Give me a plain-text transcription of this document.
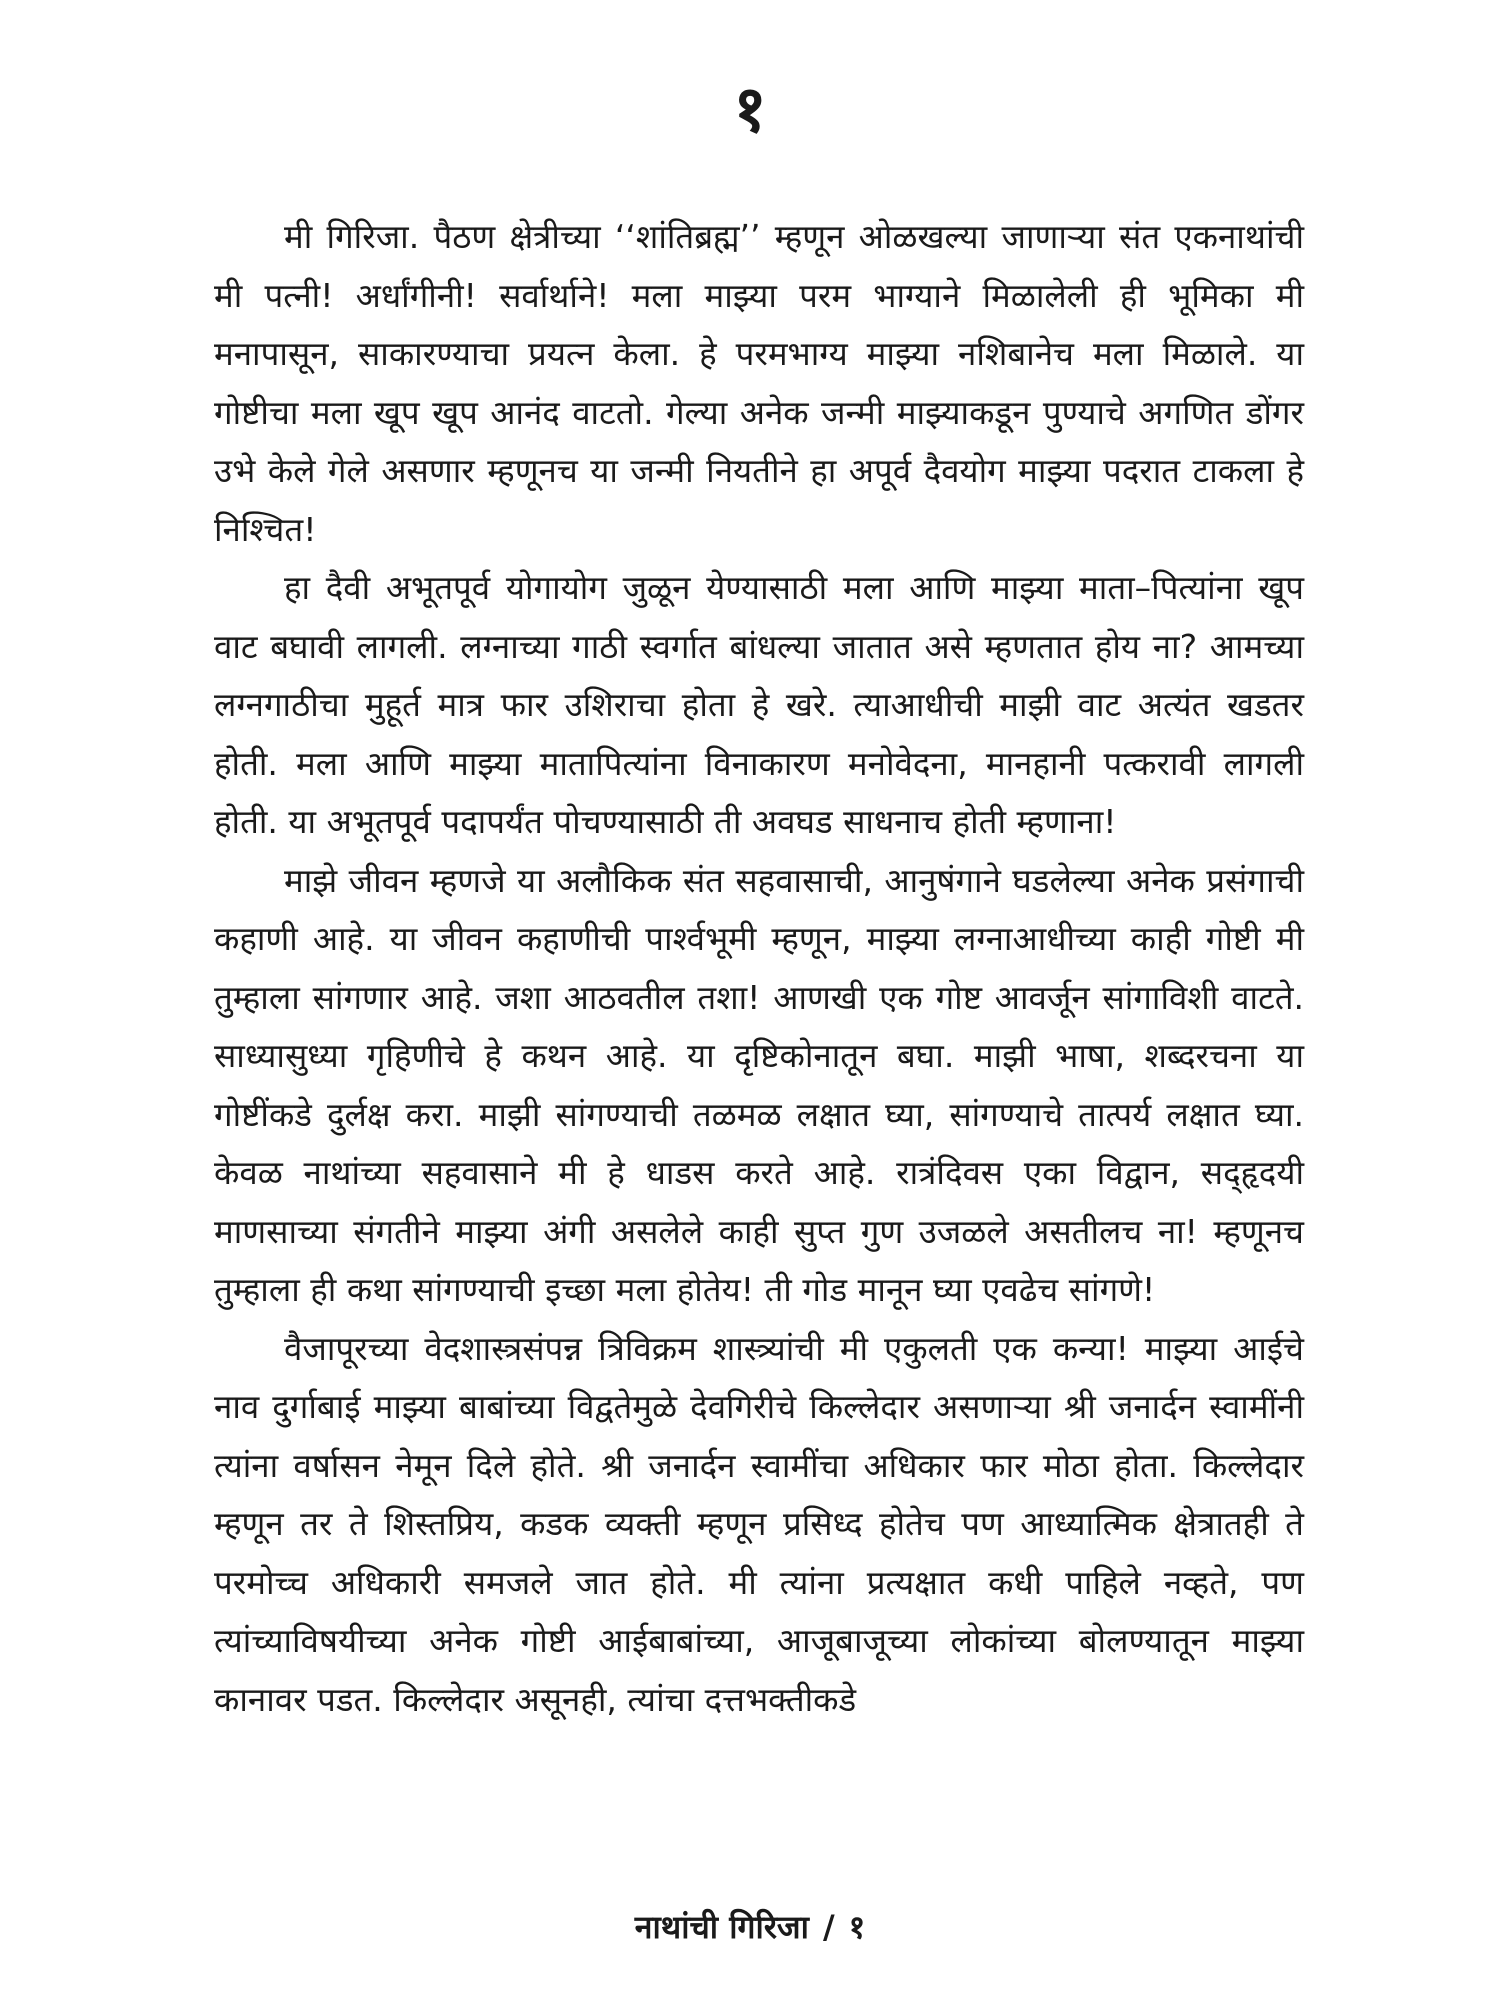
१

मी गिरिजा. पैठण क्षेत्रीच्या ‘‘शांतिब्रह्म’’ म्हणून ओळखल्या जाणाऱ्या संत एकनाथांची मी पत्नी! अर्धांगीनी! सर्वार्थाने! मला माझ्या परम भाग्याने मिळालेली ही भूमिका मी मनापासून, साकारण्याचा प्रयत्न केला. हे परमभाग्य माझ्या नशिबानेच मला मिळाले. या गोष्टीचा मला खूप खूप आनंद वाटतो. गेल्या अनेक जन्मी माझ्याकडून पुण्याचे अगणित डोंगर उभे केले गेले असणार म्हणूनच या जन्मी नियतीने हा अपूर्व दैवयोग माझ्या पदरात टाकला हे निश्चित!

हा दैवी अभूतपूर्व योगायोग जुळून येण्यासाठी मला आणि माझ्या माता–पित्यांना खूप वाट बघावी लागली. लग्नाच्या गाठी स्वर्गात बांधल्या जातात असे म्हणतात होय ना? आमच्या लग्नगाठीचा मुहूर्त मात्र फार उशिराचा होता हे खरे. त्याआधीची माझी वाट अत्यंत खडतर होती. मला आणि माझ्या मातापित्यांना विनाकारण मनोवेदना, मानहानी पत्करावी लागली होती. या अभूतपूर्व पदापर्यंत पोचण्यासाठी ती अवघड साधनाच होती म्हणाना!

माझे जीवन म्हणजे या अलौकिक संत सहवासाची, आनुषंगाने घडलेल्या अनेक प्रसंगाची कहाणी आहे. या जीवन कहाणीची पार्श्वभूमी म्हणून, माझ्या लग्नाआधीच्या काही गोष्टी मी तुम्हाला सांगणार आहे. जशा आठवतील तशा! आणखी एक गोष्ट आवर्जून सांगाविशी वाटते. साध्यासुध्या गृहिणीचे हे कथन आहे. या दृष्टिकोनातून बघा. माझी भाषा, शब्दरचना या गोष्टींकडे दुर्लक्ष करा. माझी सांगण्याची तळमळ लक्षात घ्या, सांगण्याचे तात्पर्य लक्षात घ्या. केवळ नाथांच्या सहवासाने मी हे धाडस करते आहे. रात्रंदिवस एका विद्वान, सद्हृदयी माणसाच्या संगतीने माझ्या अंगी असलेले काही सुप्त गुण उजळले असतीलच ना! म्हणूनच तुम्हाला ही कथा सांगण्याची इच्छा मला होतेय! ती गोड मानून घ्या एवढेच सांगणे!

वैजापूरच्या वेदशास्त्रसंपन्न त्रिविक्रम शास्त्र्यांची मी एकुलती एक कन्या! माझ्या आईचे नाव दुर्गाबाई माझ्या बाबांच्या विद्वतेमुळे देवगिरीचे किल्लेदार असणाऱ्या श्री जनार्दन स्वामींनी त्यांना वर्षासन नेमून दिले होते. श्री जनार्दन स्वामींचा अधिकार फार मोठा होता. किल्लेदार म्हणून तर ते शिस्तप्रिय, कडक व्यक्ती म्हणून प्रसिध्द होतेच पण आध्यात्मिक क्षेत्रातही ते परमोच्च अधिकारी समजले जात होते. मी त्यांना प्रत्यक्षात कधी पाहिले नव्हते, पण त्यांच्याविषयीच्या अनेक गोष्टी आईबाबांच्या, आजूबाजूच्या लोकांच्या बोलण्यातून माझ्या कानावर पडत. किल्लेदार असूनही, त्यांचा दत्तभक्तीकडे

नाथांची गिरिजा / १
